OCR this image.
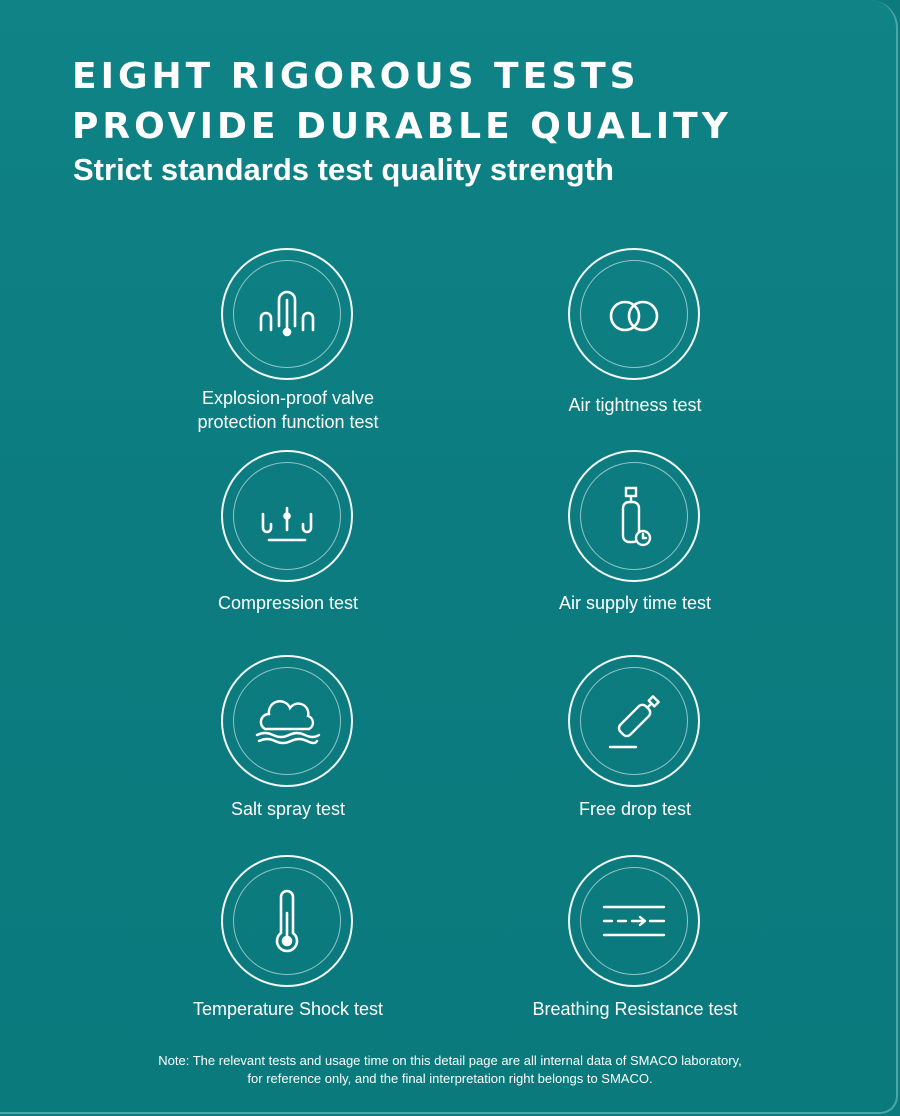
EIGHT RIGOROUS TESTS
PROVIDE DURABLE QUALITY

Strict standards test quality strength

Explosion-proof valve
protection function test
Air tightness test
Compression test	Air supply time test
Salt spray test	Free drop test
Temperature Shock test	Breathing Resistance test

Note: The relevant tests and usage time on this detail page are all internal data of SMACO laboratory,
for reference only, and the final interpretation right belongs to SMACO.
